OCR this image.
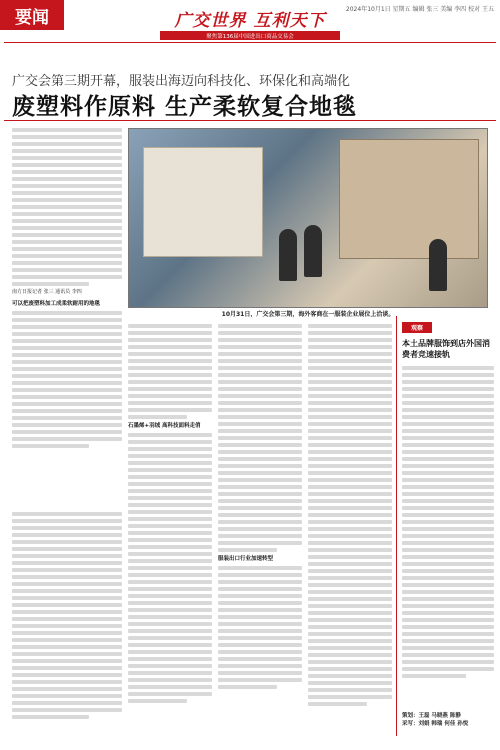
要闻	广交世界 互利天下
聚焦第136届中国进出口商品交易会
2024年10月1日 星期五 编辑 张三 美编 李四 校对 王五
广交会第三期开幕，服装出海迈向科技化、环保化和高端化
废塑料作原料 生产柔软复合地毯
南方日报记者 张三 通讯员 李四
可以把废塑料加工成柔软耐用的地毯
10月31日，广交会第三期，海外客商在一服装企业展位上洽谈。
石墨烯+羽绒 高科技面料走俏
服装出口行业加速转型
观察
本土品牌服饰到店外国消费者竞速接轨
策划：王磊 马晓燕 陈静
采写：刘娟 韩瑞 何佳 孙悦
